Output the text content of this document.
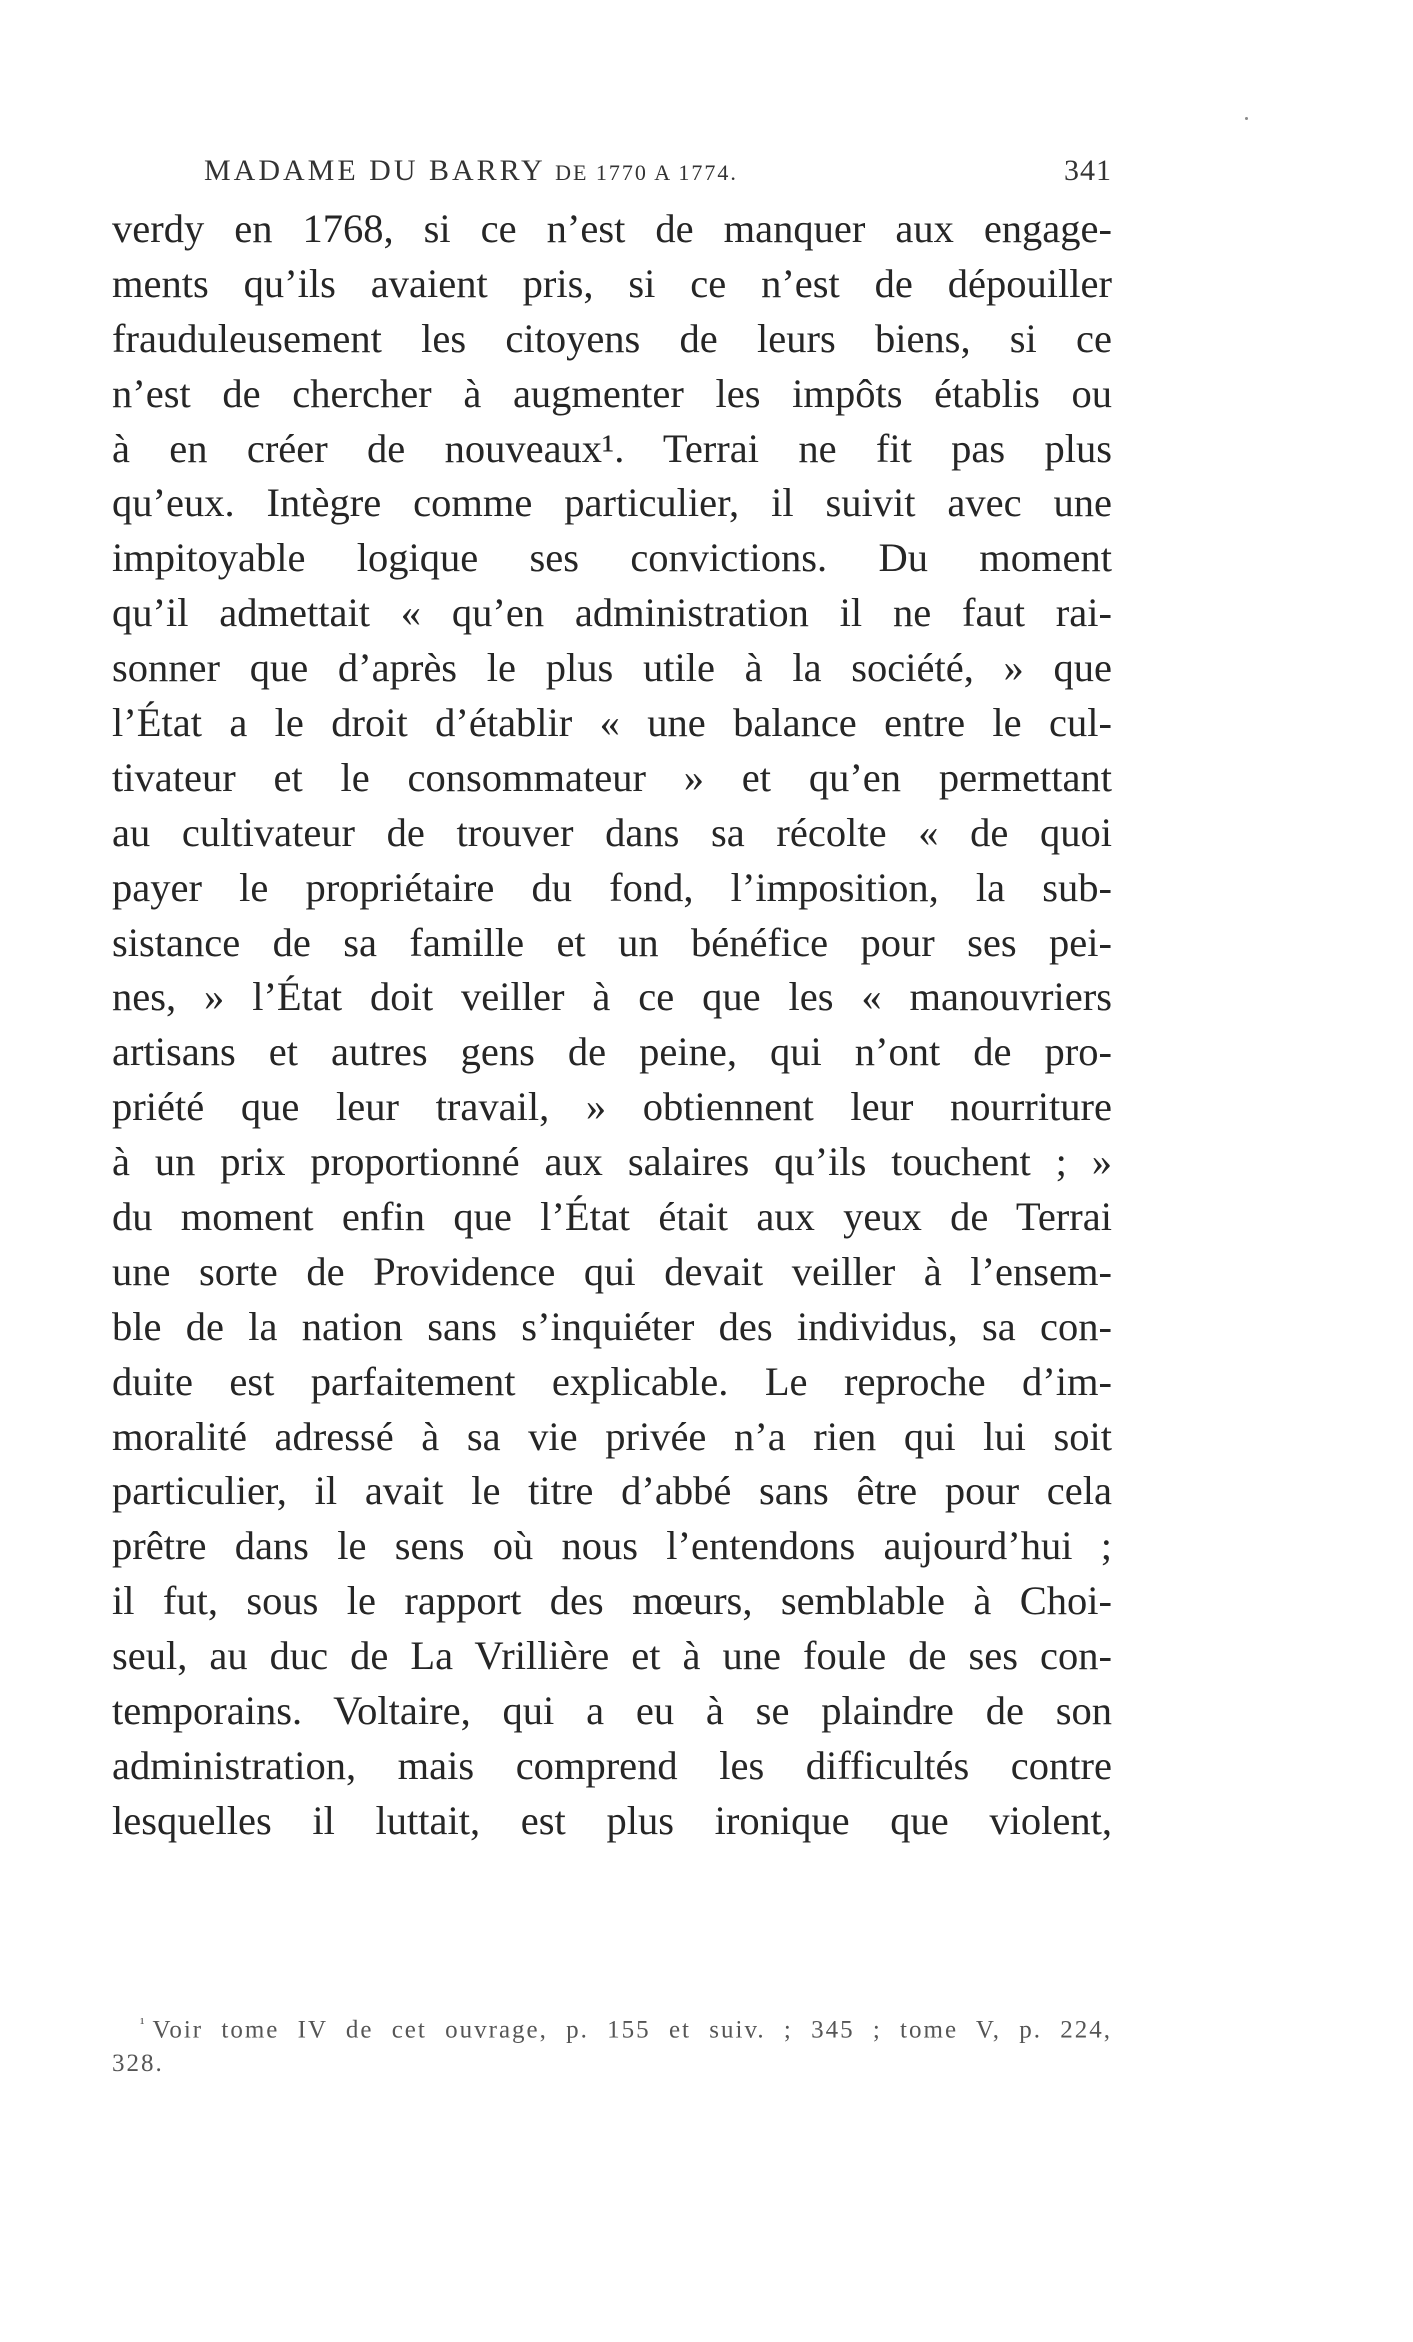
MADAME DU BARRY DE 1770 A 1774.	341
verdy en 1768, si ce n’est de manquer aux engage-
ments qu’ils avaient pris, si ce n’est de dépouiller
frauduleusement les citoyens de leurs biens, si ce
n’est de chercher à augmenter les impôts établis ou
à en créer de nouveaux¹. Terrai ne fit pas plus
qu’eux. Intègre comme particulier, il suivit avec une
impitoyable logique ses convictions. Du moment
qu’il admettait « qu’en administration il ne faut rai-
sonner que d’après le plus utile à la société, » que
l’État a le droit d’établir « une balance entre le cul-
tivateur et le consommateur » et qu’en permettant
au cultivateur de trouver dans sa récolte « de quoi
payer le propriétaire du fond, l’imposition, la sub-
sistance de sa famille et un bénéfice pour ses pei-
nes, » l’État doit veiller à ce que les « manouvriers
artisans et autres gens de peine, qui n’ont de pro-
priété que leur travail, » obtiennent leur nourriture
à un prix proportionné aux salaires qu’ils touchent ; »
du moment enfin que l’État était aux yeux de Terrai
une sorte de Providence qui devait veiller à l’ensem-
ble de la nation sans s’inquiéter des individus, sa con-
duite est parfaitement explicable. Le reproche d’im-
moralité adressé à sa vie privée n’a rien qui lui soit
particulier, il avait le titre d’abbé sans être pour cela
prêtre dans le sens où nous l’entendons aujourd’hui ;
il fut, sous le rapport des mœurs, semblable à Choi-
seul, au duc de La Vrillière et à une foule de ses con-
temporains. Voltaire, qui a eu à se plaindre de son
administration, mais comprend les difficultés contre
lesquelles il luttait, est plus ironique que violent,
$^{^1}$ Voir tome IV de cet ouvrage, p. 155 et suiv. ; 345 ; tome V, p. 224,
328.
